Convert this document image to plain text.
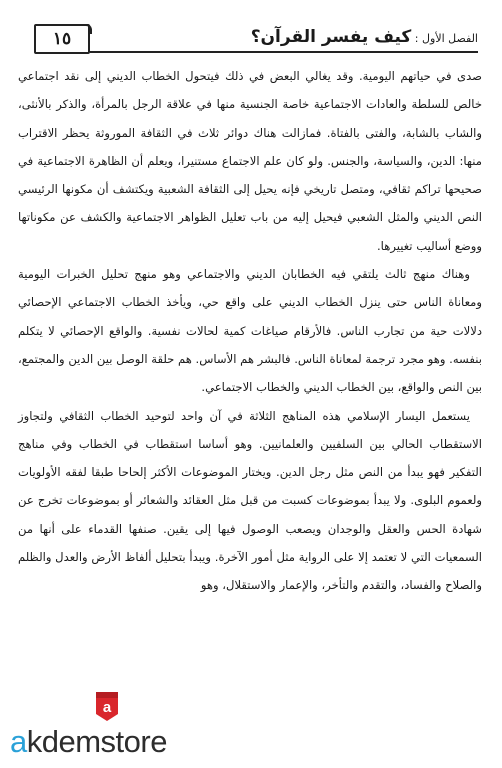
١٥	الفصل الأول : كيف يفسر القرآن؟

صدى في حياتهم اليومية. وقد يغالي البعض في ذلك فيتحول الخطاب الديني إلى نقد اجتماعي خالص للسلطة والعادات الاجتماعية خاصة الجنسية منها في علاقة الرجل بالمرأة، والذكر بالأنثى، والشاب بالشابة، والفتى بالفتاة. فمازالت هناك دوائر ثلاث في الثقافة الموروثة يحظر الاقتراب منها: الدين، والسياسة، والجنس. ولو كان علم الاجتماع مستنيرا، ويعلم أن الظاهرة الاجتماعية في صحيحها تراكم ثقافي، ومتصل تاريخي فإنه يحيل إلى الثقافة الشعبية ويكتشف أن مكونها الرئيسي النص الديني والمثل الشعبي فيحيل إليه من باب تعليل الظواهر الاجتماعية والكشف عن مكوناتها ووضع أساليب تغييرها.

وهناك منهج ثالث يلتقي فيه الخطابان الديني والاجتماعي وهو منهج تحليل الخبرات اليومية ومعاناة الناس حتى ينزل الخطاب الديني على واقع حي، ويأخذ الخطاب الاجتماعي الإحصائي دلالات حية من تجارب الناس. فالأرقام صياغات كمية لحالات نفسية. والواقع الإحصائي لا يتكلم بنفسه. وهو مجرد ترجمة لمعاناة الناس. فالبشر هم الأساس. هم حلقة الوصل بين الدين والمجتمع، بين النص والواقع، بين الخطاب الديني والخطاب الاجتماعي.

يستعمل اليسار الإسلامي هذه المناهج الثلاثة في آن واحد لتوحيد الخطاب الثقافي ولتجاوز الاستقطاب الحالي بين السلفيين والعلمانيين. وهو أساسا استقطاب في الخطاب وفي مناهج التفكير فهو يبدأ من النص مثل رجل الدين. ويختار الموضوعات الأكثر إلحاحا طبقا لفقه الأولويات ولعموم البلوى. ولا يبدأ بموضوعات كسبت من قبل مثل العقائد والشعائر أو بموضوعات تخرج عن شهادة الحس والعقل والوجدان ويصعب الوصول فيها إلى يقين. صنفها القدماء على أنها من السمعيات التي لا تعتمد إلا على الرواية مثل أمور الآخرة. ويبدأ بتحليل ألفاظ الأرض والعدل والظلم والصلاح والفساد، والتقدم والتأخر، والإعمار والاستقلال، وهو

a
akdemstore
